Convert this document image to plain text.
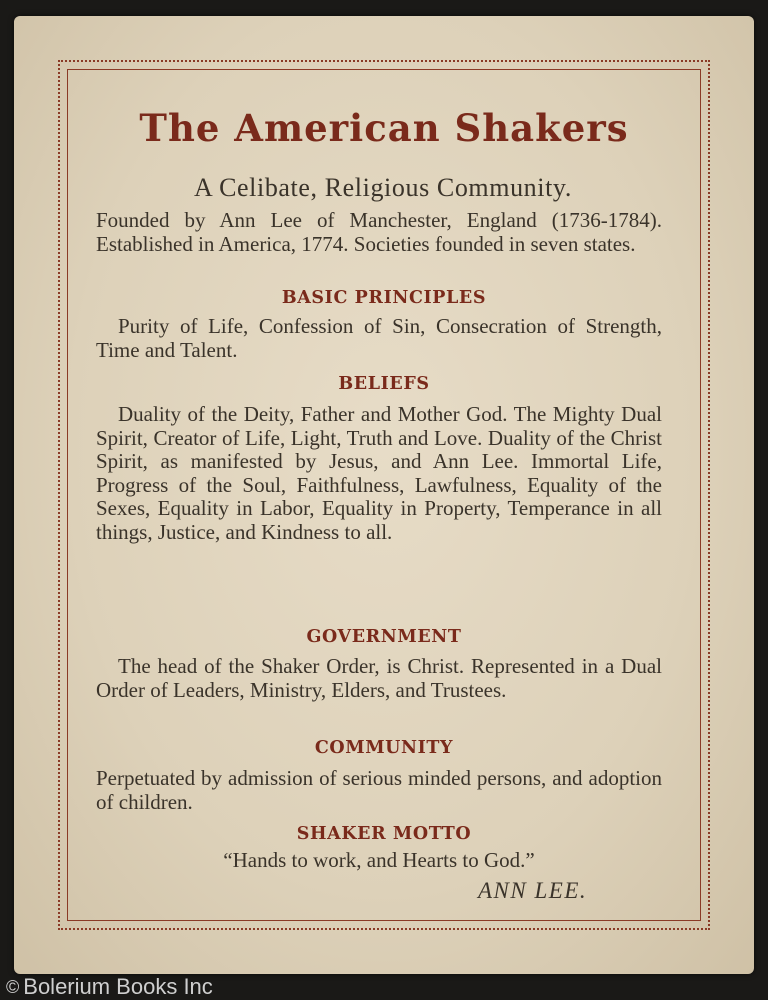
The American Shakers
A Celibate, Religious Community.
Founded by Ann Lee of Manchester, England (1736-1784). Established in America, 1774. Societies founded in seven states.
BASIC PRINCIPLES
Purity of Life, Confession of Sin, Consecration of Strength, Time and Talent.
BELIEFS
Duality of the Deity, Father and Mother God. The Mighty Dual Spirit, Creator of Life, Light, Truth and Love. Duality of the Christ Spirit, as manifested by Jesus, and Ann Lee. Immortal Life, Progress of the Soul, Faithfulness, Lawfulness, Equality of the Sexes, Equality in Labor, Equality in Property, Temperance in all things, Justice, and Kindness to all.
GOVERNMENT
The head of the Shaker Order, is Christ. Represented in a Dual Order of Leaders, Ministry, Elders, and Trustees.
COMMUNITY
Perpetuated by admission of serious minded persons, and adoption of children.
SHAKER MOTTO
“Hands to work, and Hearts to God.”
ANN LEE.
© Bolerium Books Inc
